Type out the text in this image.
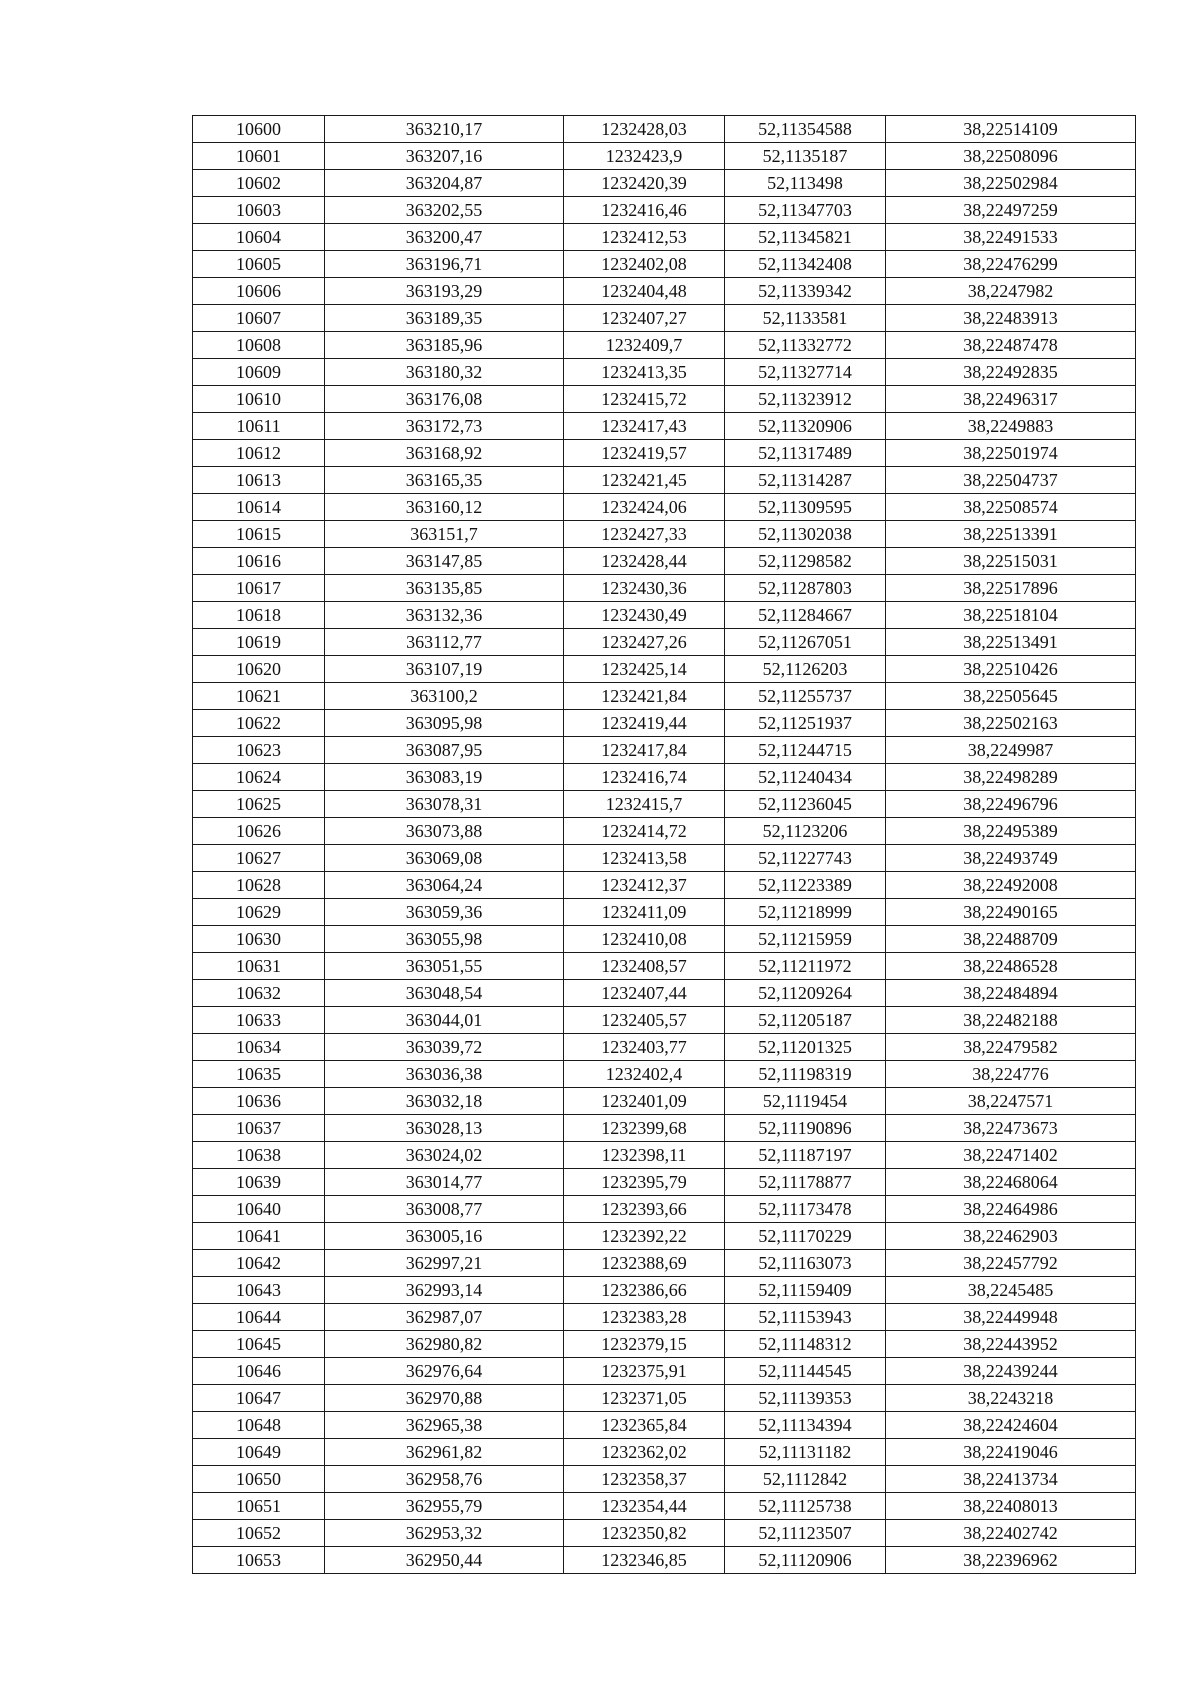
10600	363210,17	1232428,03	52,11354588	38,22514109
10601	363207,16	1232423,9	52,1135187	38,22508096
10602	363204,87	1232420,39	52,113498	38,22502984
10603	363202,55	1232416,46	52,11347703	38,22497259
10604	363200,47	1232412,53	52,11345821	38,22491533
10605	363196,71	1232402,08	52,11342408	38,22476299
10606	363193,29	1232404,48	52,11339342	38,2247982
10607	363189,35	1232407,27	52,1133581	38,22483913
10608	363185,96	1232409,7	52,11332772	38,22487478
10609	363180,32	1232413,35	52,11327714	38,22492835
10610	363176,08	1232415,72	52,11323912	38,22496317
10611	363172,73	1232417,43	52,11320906	38,2249883
10612	363168,92	1232419,57	52,11317489	38,22501974
10613	363165,35	1232421,45	52,11314287	38,22504737
10614	363160,12	1232424,06	52,11309595	38,22508574
10615	363151,7	1232427,33	52,11302038	38,22513391
10616	363147,85	1232428,44	52,11298582	38,22515031
10617	363135,85	1232430,36	52,11287803	38,22517896
10618	363132,36	1232430,49	52,11284667	38,22518104
10619	363112,77	1232427,26	52,11267051	38,22513491
10620	363107,19	1232425,14	52,1126203	38,22510426
10621	363100,2	1232421,84	52,11255737	38,22505645
10622	363095,98	1232419,44	52,11251937	38,22502163
10623	363087,95	1232417,84	52,11244715	38,2249987
10624	363083,19	1232416,74	52,11240434	38,22498289
10625	363078,31	1232415,7	52,11236045	38,22496796
10626	363073,88	1232414,72	52,1123206	38,22495389
10627	363069,08	1232413,58	52,11227743	38,22493749
10628	363064,24	1232412,37	52,11223389	38,22492008
10629	363059,36	1232411,09	52,11218999	38,22490165
10630	363055,98	1232410,08	52,11215959	38,22488709
10631	363051,55	1232408,57	52,11211972	38,22486528
10632	363048,54	1232407,44	52,11209264	38,22484894
10633	363044,01	1232405,57	52,11205187	38,22482188
10634	363039,72	1232403,77	52,11201325	38,22479582
10635	363036,38	1232402,4	52,11198319	38,224776
10636	363032,18	1232401,09	52,1119454	38,2247571
10637	363028,13	1232399,68	52,11190896	38,22473673
10638	363024,02	1232398,11	52,11187197	38,22471402
10639	363014,77	1232395,79	52,11178877	38,22468064
10640	363008,77	1232393,66	52,11173478	38,22464986
10641	363005,16	1232392,22	52,11170229	38,22462903
10642	362997,21	1232388,69	52,11163073	38,22457792
10643	362993,14	1232386,66	52,11159409	38,2245485
10644	362987,07	1232383,28	52,11153943	38,22449948
10645	362980,82	1232379,15	52,11148312	38,22443952
10646	362976,64	1232375,91	52,11144545	38,22439244
10647	362970,88	1232371,05	52,11139353	38,2243218
10648	362965,38	1232365,84	52,11134394	38,22424604
10649	362961,82	1232362,02	52,11131182	38,22419046
10650	362958,76	1232358,37	52,1112842	38,22413734
10651	362955,79	1232354,44	52,11125738	38,22408013
10652	362953,32	1232350,82	52,11123507	38,22402742
10653	362950,44	1232346,85	52,11120906	38,22396962
